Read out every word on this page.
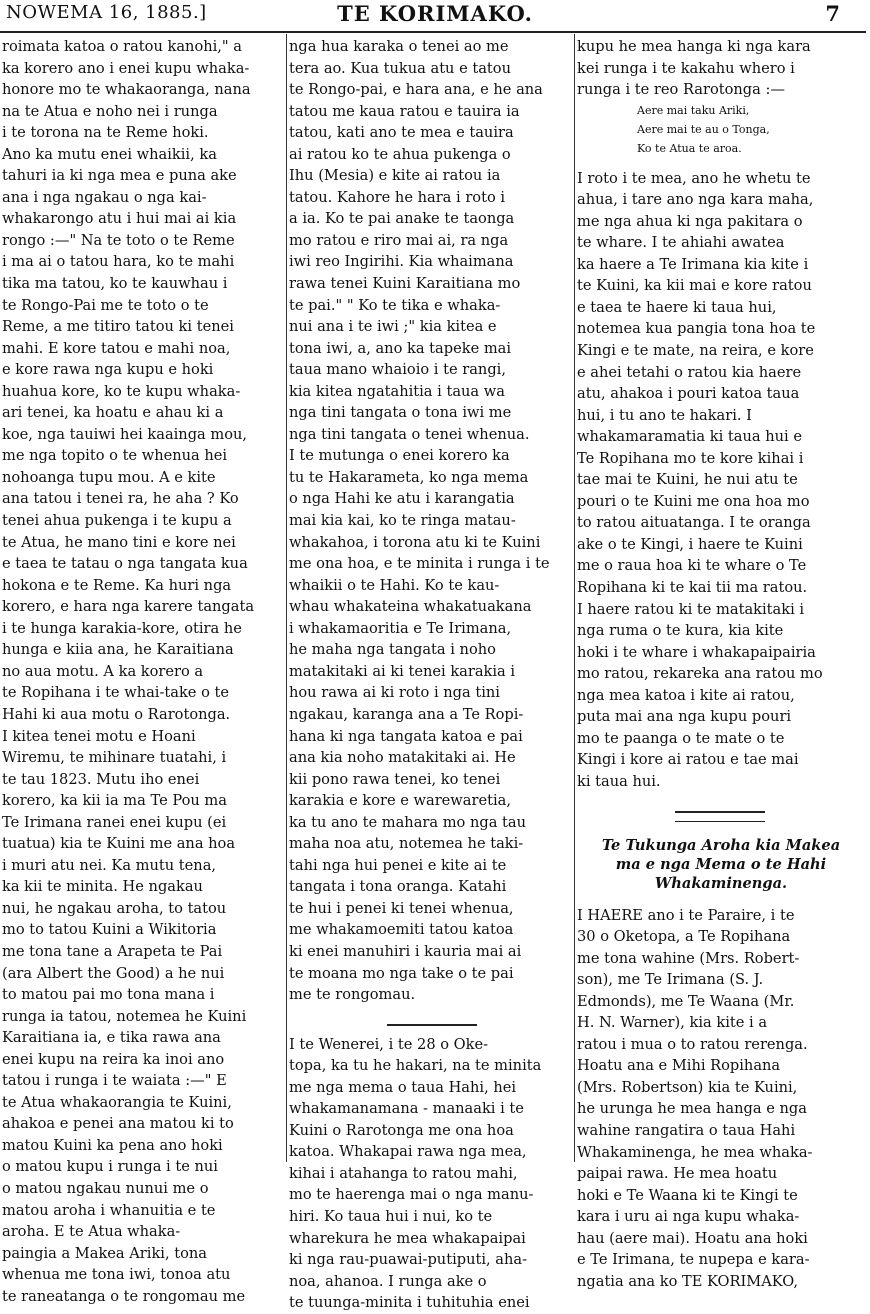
NOWEMA 16, 1885.]	TE KORIMAKO.	7
roimata katoa o ratou kanohi," a
ka korero ano i enei kupu whaka-
honore mo te whakaoranga, nana
na te Atua e noho nei i runga
i te torona na te Reme hoki.
Ano ka mutu enei whaikii, ka
tahuri ia ki nga mea e puna ake
ana i nga ngakau o nga kai-
whakarongo atu i hui mai ai kia
rongo :—" Na te toto o te Reme
i ma ai o tatou hara, ko te mahi
tika ma tatou, ko te kauwhau i
te Rongo-Pai me te toto o te
Reme, a me titiro tatou ki tenei
mahi. E kore tatou e mahi noa,
e kore rawa nga kupu e hoki
huahua kore, ko te kupu whaka-
ari tenei, ka hoatu e ahau ki a
koe, nga tauiwi hei kaainga mou,
me nga topito o te whenua hei
nohoanga tupu mou. A e kite
ana tatou i tenei ra, he aha ? Ko
tenei ahua pukenga i te kupu a
te Atua, he mano tini e kore nei
e taea te tatau o nga tangata kua
hokona e te Reme. Ka huri nga
korero, e hara nga karere tangata
i te hunga karakia-kore, otira he
hunga e kiia ana, he Karaitiana
no aua motu. A ka korero a
te Ropihana i te whai-take o te
Hahi ki aua motu o Rarotonga.
I kitea tenei motu e Hoani
Wiremu, te mihinare tuatahi, i
te tau 1823. Mutu iho enei
korero, ka kii ia ma Te Pou ma
Te Irimana ranei enei kupu (ei
tuatua) kia te Kuini me ana hoa
i muri atu nei. Ka mutu tena,
ka kii te minita. He ngakau
nui, he ngakau aroha, to tatou
mo to tatou Kuini a Wikitoria
me tona tane a Arapeta te Pai
(ara Albert the Good) a he nui
to matou pai mo tona mana i
runga ia tatou, notemea he Kuini
Karaitiana ia, e tika rawa ana
enei kupu na reira ka inoi ano
tatou i runga i te waiata :—" E
te Atua whakaorangia te Kuini,
ahakoa e penei ana matou ki to
matou Kuini ka pena ano hoki
o matou kupu i runga i te nui
o matou ngakau nunui me o
matou aroha i whanuitia e te
aroha. E te Atua whaka-
paingia a Makea Ariki, tona
whenua me tona iwi, tonoa atu
te raneatanga o te rongomau me
nga hua karaka o tenei ao me
tera ao. Kua tukua atu e tatou
te Rongo-pai, e hara ana, e he ana
tatou me kaua ratou e tauira ia
tatou, kati ano te mea e tauira
ai ratou ko te ahua pukenga o
Ihu (Mesia) e kite ai ratou ia
tatou. Kahore he hara i roto i
a ia. Ko te pai anake te taonga
mo ratou e riro mai ai, ra nga
iwi reo Ingirihi. Kia whaimana
rawa tenei Kuini Karaitiana mo
te pai." " Ko te tika e whaka-
nui ana i te iwi ;" kia kitea e
tona iwi, a, ano ka tapeke mai
taua mano whaioio i te rangi,
kia kitea ngatahitia i taua wa
nga tini tangata o tona iwi me
nga tini tangata o tenei whenua.
I te mutunga o enei korero ka
tu te Hakarameta, ko nga mema
o nga Hahi ke atu i karangatia
mai kia kai, ko te ringa matau-
whakahoa, i torona atu ki te Kuini
me ona hoa, e te minita i runga i te
whaikii o te Hahi. Ko te kau-
whau whakateina whakatuakana
i whakamaoritia e Te Irimana,
he maha nga tangata i noho
matakitaki ai ki tenei karakia i
hou rawa ai ki roto i nga tini
ngakau, karanga ana a Te Ropi-
hana ki nga tangata katoa e pai
ana kia noho matakitaki ai. He
kii pono rawa tenei, ko tenei
karakia e kore e warewaretia,
ka tu ano te mahara mo nga tau
maha noa atu, notemea he taki-
tahi nga hui penei e kite ai te
tangata i tona oranga. Katahi
te hui i penei ki tenei whenua,
me whakamoemiti tatou katoa
ki enei manuhiri i kauria mai ai
te moana mo nga take o te pai
me te rongomau.
I te Wenerei, i te 28 o Oke-
topa, ka tu he hakari, na te minita
me nga mema o taua Hahi, hei
whakamanamana - manaaki i te
Kuini o Rarotonga me ona hoa
katoa. Whakapai rawa nga mea,
kihai i atahanga to ratou mahi,
mo te haerenga mai o nga manu-
hiri. Ko taua hui i nui, ko te
wharekura he mea whakapaipai
ki nga rau-puawai-putiputi, aha-
noa, ahanoa. I runga ake o
te tuunga-minita i tuhituhia enei
kupu he mea hanga ki nga kara
kei runga i te kakahu whero i
runga i te reo Rarotonga :—
Aere mai taku Ariki,
Aere mai te au o Tonga,
Ko te Atua te aroa.
I roto i te mea, ano he whetu te
ahua, i tare ano nga kara maha,
me nga ahua ki nga pakitara o
te whare. I te ahiahi awatea
ka haere a Te Irimana kia kite i
te Kuini, ka kii mai e kore ratou
e taea te haere ki taua hui,
notemea kua pangia tona hoa te
Kingi e te mate, na reira, e kore
e ahei tetahi o ratou kia haere
atu, ahakoa i pouri katoa taua
hui, i tu ano te hakari. I
whakamaramatia ki taua hui e
Te Ropihana mo te kore kihai i
tae mai te Kuini, he nui atu te
pouri o te Kuini me ona hoa mo
to ratou aituatanga. I te oranga
ake o te Kingi, i haere te Kuini
me o raua hoa ki te whare o Te
Ropihana ki te kai tii ma ratou.
I haere ratou ki te matakitaki i
nga ruma o te kura, kia kite
hoki i te whare i whakapaipairia
mo ratou, rekareka ana ratou mo
nga mea katoa i kite ai ratou,
puta mai ana nga kupu pouri
mo te paanga o te mate o te
Kingi i kore ai ratou e tae mai
ki taua hui.
Te Tukunga Aroha kia Makea
ma e nga Mema o te Hahi
Whakaminenga.
I HAERE ano i te Paraire, i te
30 o Oketopa, a Te Ropihana
me tona wahine (Mrs. Robert-
son), me Te Irimana (S. J.
Edmonds), me Te Waana (Mr.
H. N. Warner), kia kite i a
ratou i mua o to ratou rerenga.
Hoatu ana e Mihi Ropihana
(Mrs. Robertson) kia te Kuini,
he urunga he mea hanga e nga
wahine rangatira o taua Hahi
Whakaminenga, he mea whaka-
paipai rawa. He mea hoatu
hoki e Te Waana ki te Kingi te
kara i uru ai nga kupu whaka-
hau (aere mai). Hoatu ana hoki
e Te Irimana, te nupepa e kara-
ngatia ana ko TE KORIMAKO,
